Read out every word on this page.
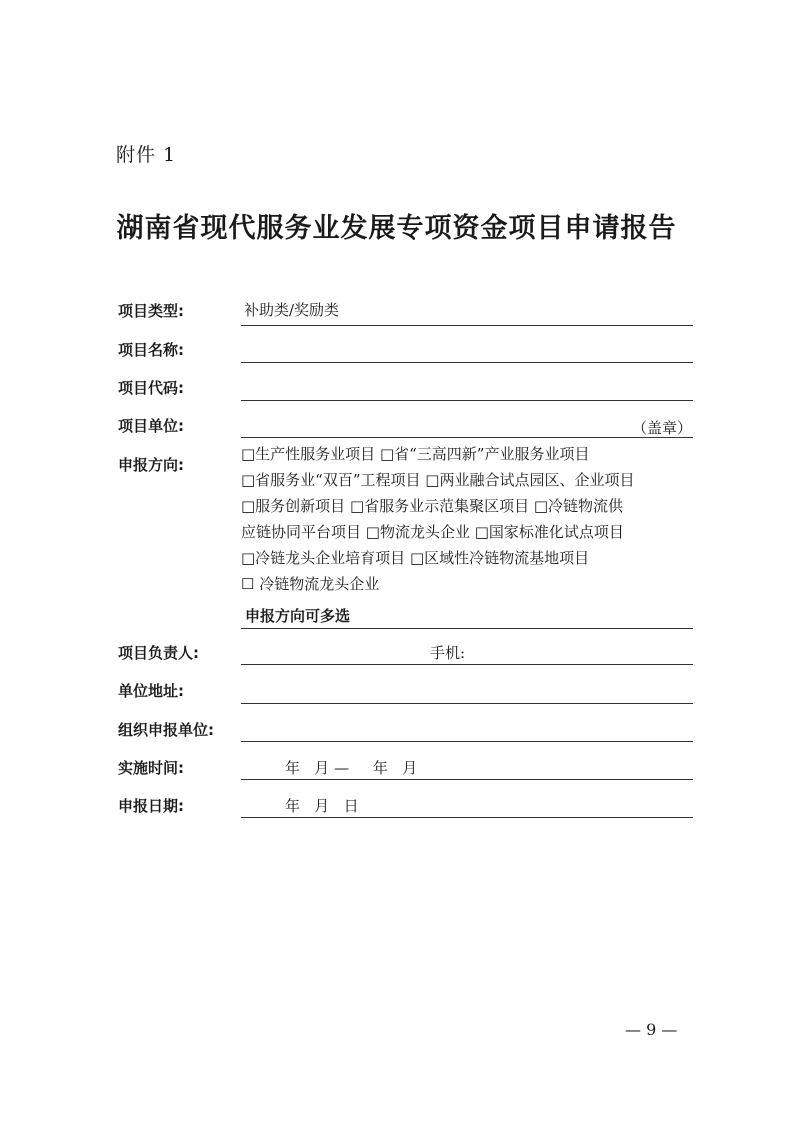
附件 1
湖南省现代服务业发展专项资金项目申请报告
项目类型:	补助类/奖励类
项目名称:
项目代码:
项目单位:	（盖章）
申报方向:
□生产性服务业项目 □省“三高四新”产业服务业项目
□省服务业“双百”工程项目 □两业融合试点园区、企业项目
□服务创新项目 □省服务业示范集聚区项目 □冷链物流供
应链协同平台项目 □物流龙头企业 □国家标准化试点项目
□冷链龙头企业培育项目 □区域性冷链物流基地项目
☐ 冷链物流龙头企业
申报方向可多选
项目负责人:	手机:
单位地址:
组织申报单位:
实施时间:	年   月 —     年   月
申报日期:	年   月   日
— 9 —
